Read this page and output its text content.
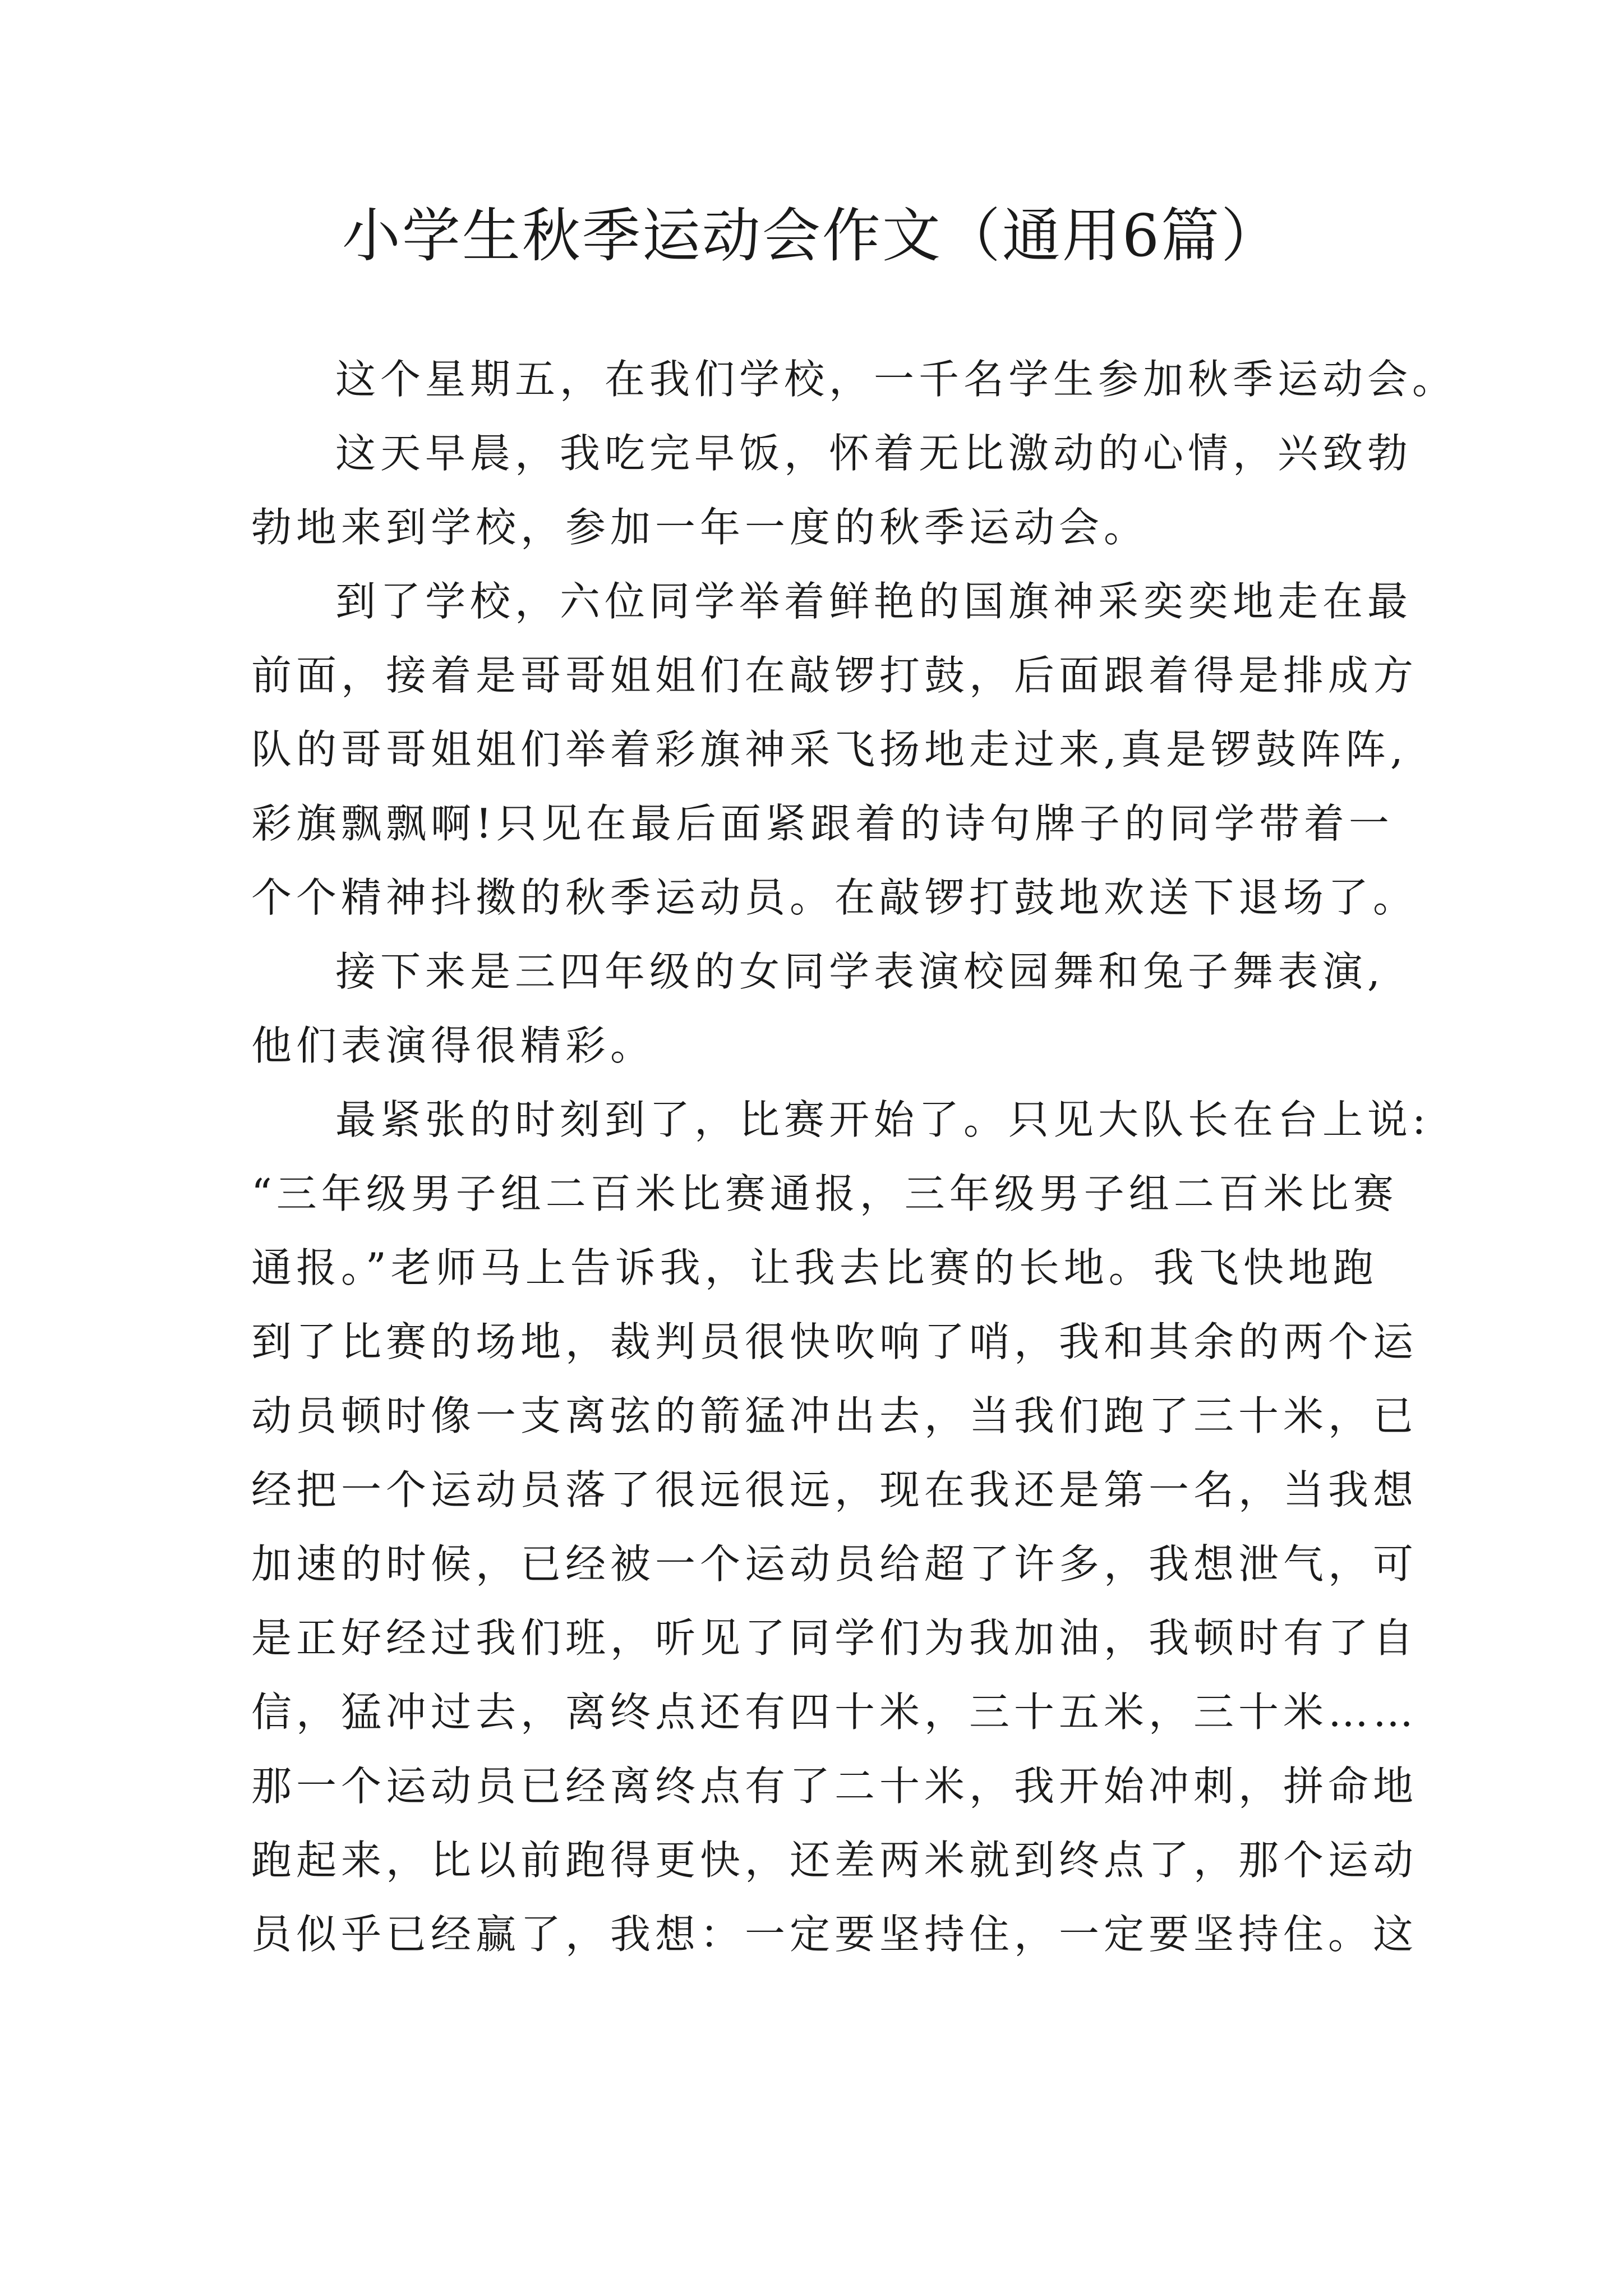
小学生秋季运动会作文（通用6篇）
这个星期五，在我们学校，一千名学生参加秋季运动会。
这天早晨，我吃完早饭，怀着无比激动的心情，兴致勃
勃地来到学校，参加一年一度的秋季运动会。
到了学校，六位同学举着鲜艳的国旗神采奕奕地走在最
前面，接着是哥哥姐姐们在敲锣打鼓，后面跟着得是排成方
队的哥哥姐姐们举着彩旗神采飞扬地走过来,真是锣鼓阵阵,
彩旗飘飘啊!只见在最后面紧跟着的诗句牌子的同学带着一
个个精神抖擞的秋季运动员。在敲锣打鼓地欢送下退场了。
接下来是三四年级的女同学表演校园舞和兔子舞表演,
他们表演得很精彩。
最紧张的时刻到了，比赛开始了。只见大队长在台上说:
“三年级男子组二百米比赛通报，三年级男子组二百米比赛
通报。”老师马上告诉我，让我去比赛的长地。我飞快地跑
到了比赛的场地，裁判员很快吹响了哨，我和其余的两个运
动员顿时像一支离弦的箭猛冲出去，当我们跑了三十米，已
经把一个运动员落了很远很远，现在我还是第一名，当我想
加速的时候，已经被一个运动员给超了许多，我想泄气，可
是正好经过我们班，听见了同学们为我加油，我顿时有了自
信，猛冲过去，离终点还有四十米，三十五米，三十米……
那一个运动员已经离终点有了二十米，我开始冲刺，拼命地
跑起来，比以前跑得更快，还差两米就到终点了，那个运动
员似乎已经赢了，我想：一定要坚持住，一定要坚持住。这
